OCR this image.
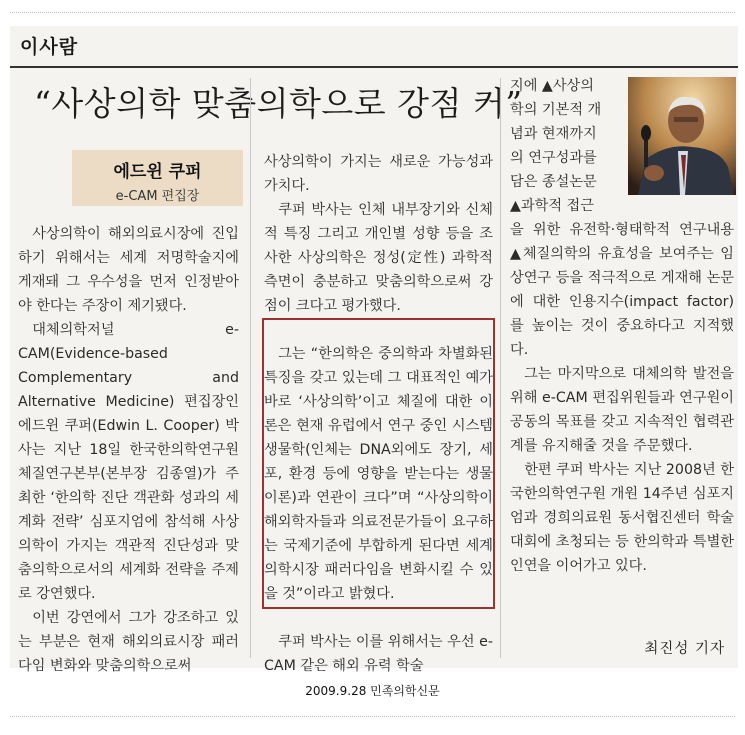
이사람
“사상의학 맞춤의학으로 강점 커”
에드윈 쿠퍼
e-CAM 편집장

사상의학이 해외의료시장에 진입하기 위해서는 세계 저명학술지에 게재돼 그 우수성을 먼저 인정받아야 한다는 주장이 제기됐다.

대체의학저널 e-CAM(Evidence-based Complementary and Alternative Medicine) 편집장인 에드윈 쿠퍼(Edwin L. Cooper) 박사는 지난 18일 한국한의학연구원 체질연구본부(본부장 김종열)가 주최한 ‘한의학 진단 객관화 성과의 세계화 전략’ 심포지엄에 참석해 사상의학이 가지는 객관적 진단성과 맞춤의학으로서의 세계화 전략을 주제로 강연했다.

이번 강연에서 그가 강조하고 있는 부분은 현재 해외의료시장 패러다임 변화와 맞춤의학으로써

사상의학이 가지는 새로운 가능성과 가치다.

쿠퍼 박사는 인체 내부장기와 신체적 특징 그리고 개인별 성향 등을 조사한 사상의학은 정성(定性) 과학적 측면이 충분하고 맞춤의학으로써 강점이 크다고 평가했다.

그는 “한의학은 중의학과 차별화된 특징을 갖고 있는데 그 대표적인 예가 바로 ‘사상의학’이고 체질에 대한 이론은 현재 유럽에서 연구 중인 시스템생물학(인체는 DNA외에도 장기, 세포, 환경 등에 영향을 받는다는 생물이론)과 연관이 크다”며 “사상의학이 해외학자들과 의료전문가들이 요구하는 국제기준에 부합하게 된다면 세계의학시장 패러다임을 변화시킬 수 있을 것”이라고 밝혔다.

쿠퍼 박사는 이를 위해서는 우선 e-CAM 같은 해외 유력 학술

지에 ▲사상의
학의 기본적 개
념과 현재까지
의 연구성과를
담은 종설논문
▲과학적 접근

을 위한 유전학·형태학적 연구내용 ▲체질의학의 유효성을 보여주는 임상연구 등을 적극적으로 게재해 논문에 대한 인용지수(impact factor)를 높이는 것이 중요하다고 지적했다.

그는 마지막으로 대체의학 발전을 위해 e-CAM 편집위원들과 연구원이 공동의 목표를 갖고 지속적인 협력관계를 유지해줄 것을 주문했다.

한편 쿠퍼 박사는 지난 2008년 한국한의학연구원 개원 14주년 심포지엄과 경희의료원 동서협진센터 학술대회에 초청되는 등 한의학과 특별한 인연을 이어가고 있다.

최진성 기자
2009.9.28 민족의학신문
